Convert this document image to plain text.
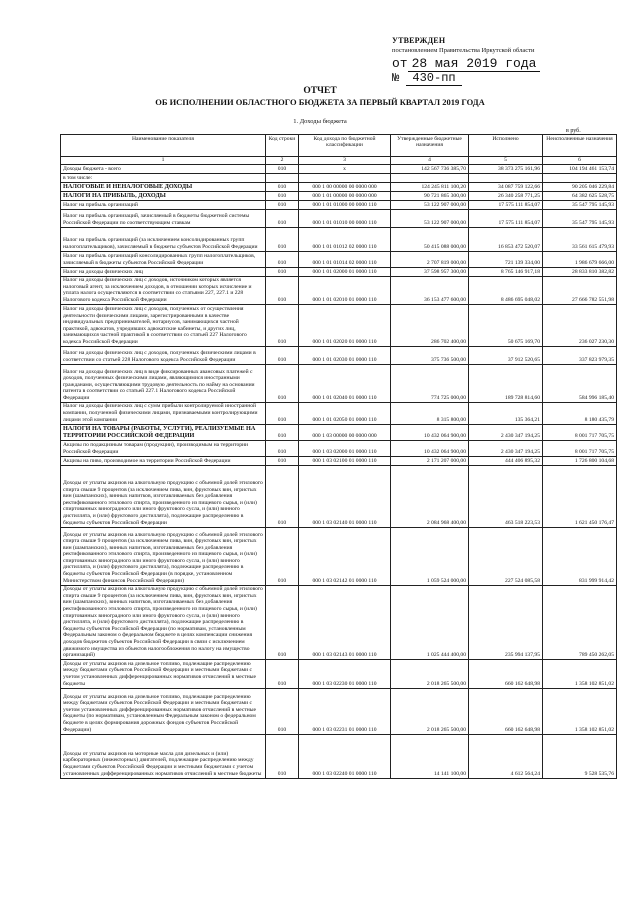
УТВЕРЖДЕН
постановлением Правительства Иркутской области
от 28 мая 2019 года
№ 430-пп
ОТЧЕТ
ОБ ИСПОЛНЕНИИ ОБЛАСТНОГО БЮДЖЕТА ЗА ПЕРВЫЙ КВАРТАЛ 2019 ГОДА
1. Доходы бюджета
в руб.
Наименование показателя	Код строки	Код дохода по бюджетной классификации	Утвержденные бюджетные назначения	Исполнено	Неисполненные назначения
1	2	3	4	5	6
Доходы бюджета - всего	010	x	142 567 736 385,70	38 373 275 161,96	104 194 461 153,74
в том числе:					
НАЛОГОВЫЕ И НЕНАЛОГОВЫЕ ДОХОДЫ	010	000 1 00 00000 00 0000 000	124 245 811 100,20	34 087 759 122,66	90 205 046 229,84
НАЛОГИ НА ПРИБЫЛЬ, ДОХОДЫ	010	000 1 01 00000 00 0000 000	90 721 865 300,00	26 340 258 771,25	64 382 625 528,75
Налог на прибыль организаций	010	000 1 01 01000 00 0000 110	53 122 907 000,00	17 575 111 854,07	35 547 795 145,93
Налог на прибыль организаций, зачисляемый в бюджеты бюджетной системы Российской Федерации по соответствующим ставкам	010	000 1 01 01010 00 0000 110	53 122 907 000,00	17 575 111 854,07	35 547 795 145,93
Налог на прибыль организаций (за исключением консолидированных групп налогоплательщиков), зачисляемый в бюджеты субъектов Российской Федерации	010	000 1 01 01012 02 0000 110	50 415 088 000,00	16 853 472 520,07	33 561 615 479,93
Налог на прибыль организаций консолидированных групп налогоплательщиков, зачисляемый в бюджеты субъектов Российской Федерации	010	000 1 01 01014 02 0000 110	2 707 819 000,00	721 139 334,00	1 986 679 666,00
Налог на доходы физических лиц	010	000 1 01 02000 01 0000 110	37 598 957 300,00	8 765 146 917,18	28 833 810 382,82
Налог на доходы физических лиц с доходов, источником которых является налоговый агент, за исключением доходов, в отношении которых исчисление и уплата налога осуществляются в соответствии со статьями 227, 227.1 и 228 Налогового кодекса Российской Федерации	010	000 1 01 02010 01 0000 110	36 153 477 600,00	8 486 695 048,02	27 666 782 551,98
Налог на доходы физических лиц с доходов, полученных от осуществления деятельности физическими лицами, зарегистрированными в качестве индивидуальных предпринимателей, нотариусов, занимающихся частной практикой, адвокатов, учредивших адвокатские кабинеты, и других лиц, занимающихся частной практикой в соответствии со статьей 227 Налогового кодекса Российской Федерации	010	000 1 01 02020 01 0000 110	286 702 400,00	50 675 169,70	236 027 230,30
Налог на доходы физических лиц с доходов, полученных физическими лицами в соответствии со статьей 228 Налогового кодекса Российской Федерации	010	000 1 01 02030 01 0000 110	375 736 500,00	37 912 520,65	337 823 979,35
Налог на доходы физических лиц в виде фиксированных авансовых платежей с доходов, полученных физическими лицами, являющимися иностранными гражданами, осуществляющими трудовую деятельность по найму на основании патента в соответствии со статьей 227.1 Налогового кодекса Российской Федерации	010	000 1 01 02040 01 0000 110	774 725 000,00	189 728 814,60	584 996 185,40
Налог на доходы физических лиц с сумм прибыли контролируемой иностранной компании, полученной физическими лицами, признаваемыми контролирующими лицами этой компании	010	000 1 01 02050 01 0000 110	8 315 800,00	135 364,21	8 180 435,79
НАЛОГИ НА ТОВАРЫ (РАБОТЫ, УСЛУГИ), РЕАЛИЗУЕМЫЕ НА ТЕРРИТОРИИ РОССИЙСКОЙ ФЕДЕРАЦИИ	010	000 1 03 00000 00 0000 000	10 432 064 900,00	2 430 347 194,25	8 001 717 705,75
Акцизы по подакцизным товарам (продукции), производимым на территории Российской Федерации	010	000 1 03 02000 01 0000 110	10 432 064 900,00	2 430 347 194,25	8 001 717 705,75
Акцизы на пиво, производимое на территории Российской Федерации	010	000 1 03 02100 01 0000 110	2 171 207 000,00	444 406 895,32	1 726 800 104,68
Доходы от уплаты акцизов на алкогольную продукцию с объемной долей этилового спирта свыше 9 процентов (за исключением пива, вин, фруктовых вин, игристых вин (шампанских), винных напитков, изготавливаемых без добавления ректификованного этилового спирта, произведенного из пищевого сырья, и (или) спиртованных виноградного или иного фруктового сусла, и (или) винного дистиллята, и (или) фруктового дистиллята), подлежащие распределению в бюджеты субъектов Российской Федерации	010	000 1 03 02140 01 0000 110	2 084 968 400,00	463 518 223,53	1 621 450 176,47
Доходы от уплаты акцизов на алкогольную продукцию с объемной долей этилового спирта свыше 9 процентов (за исключением пива, вин, фруктовых вин, игристых вин (шампанских), винных напитков, изготавливаемых без добавления ректификованного этилового спирта, произведенного из пищевого сырья, и (или) спиртованных виноградного или иного фруктового сусла, и (или) винного дистиллята, и (или) фруктового дистиллята), подлежащие распределению в бюджеты субъектов Российской Федерации (в порядке, установленном Министерством финансов Российской Федерации)	010	000 1 03 02142 01 0000 110	1 059 524 000,00	227 524 085,58	831 999 914,42
Доходы от уплаты акцизов на алкогольную продукцию с объемной долей этилового спирта свыше 9 процентов (за исключением пива, вин, фруктовых вин, игристых вин (шампанских), винных напитков, изготавливаемых без добавления ректификованного этилового спирта, произведенного из пищевого сырья, и (или) спиртованных виноградного или иного фруктового сусла, и (или) винного дистиллята, и (или) фруктового дистиллята), подлежащие распределению в бюджеты субъектов Российской Федерации (по нормативам, установленным Федеральным законом о федеральном бюджете в целях компенсации снижения доходов бюджетов субъектов Российской Федерации в связи с исключением движимого имущества из объектов налогообложения по налогу на имущество организаций)	010	000 1 03 02143 01 0000 110	1 025 444 400,00	235 994 137,95	789 450 262,05
Доходы от уплаты акцизов на дизельное топливо, подлежащие распределению между бюджетами субъектов Российской Федерации и местными бюджетами с учетом установленных дифференцированных нормативов отчислений в местные бюджеты	010	000 1 03 02230 01 0000 110	2 018 265 500,00	660 162 648,98	1 358 102 851,02
Доходы от уплаты акцизов на дизельное топливо, подлежащие распределению между бюджетами субъектов Российской Федерации и местными бюджетами с учетом установленных дифференцированных нормативов отчислений в местные бюджеты (по нормативам, установленным Федеральным законом о федеральном бюджете в целях формирования дорожных фондов субъектов Российской Федерации)	010	000 1 03 02231 01 0000 110	2 018 265 500,00	660 162 648,98	1 358 102 851,02
Доходы от уплаты акцизов на моторные масла для дизельных и (или) карбюраторных (инжекторных) двигателей, подлежащие распределению между бюджетами субъектов Российской Федерации и местными бюджетами с учетом установленных дифференцированных нормативов отчислений в местные бюджеты	010	000 1 03 02240 01 0000 110	14 141 100,00	4 612 564,24	9 528 535,76
